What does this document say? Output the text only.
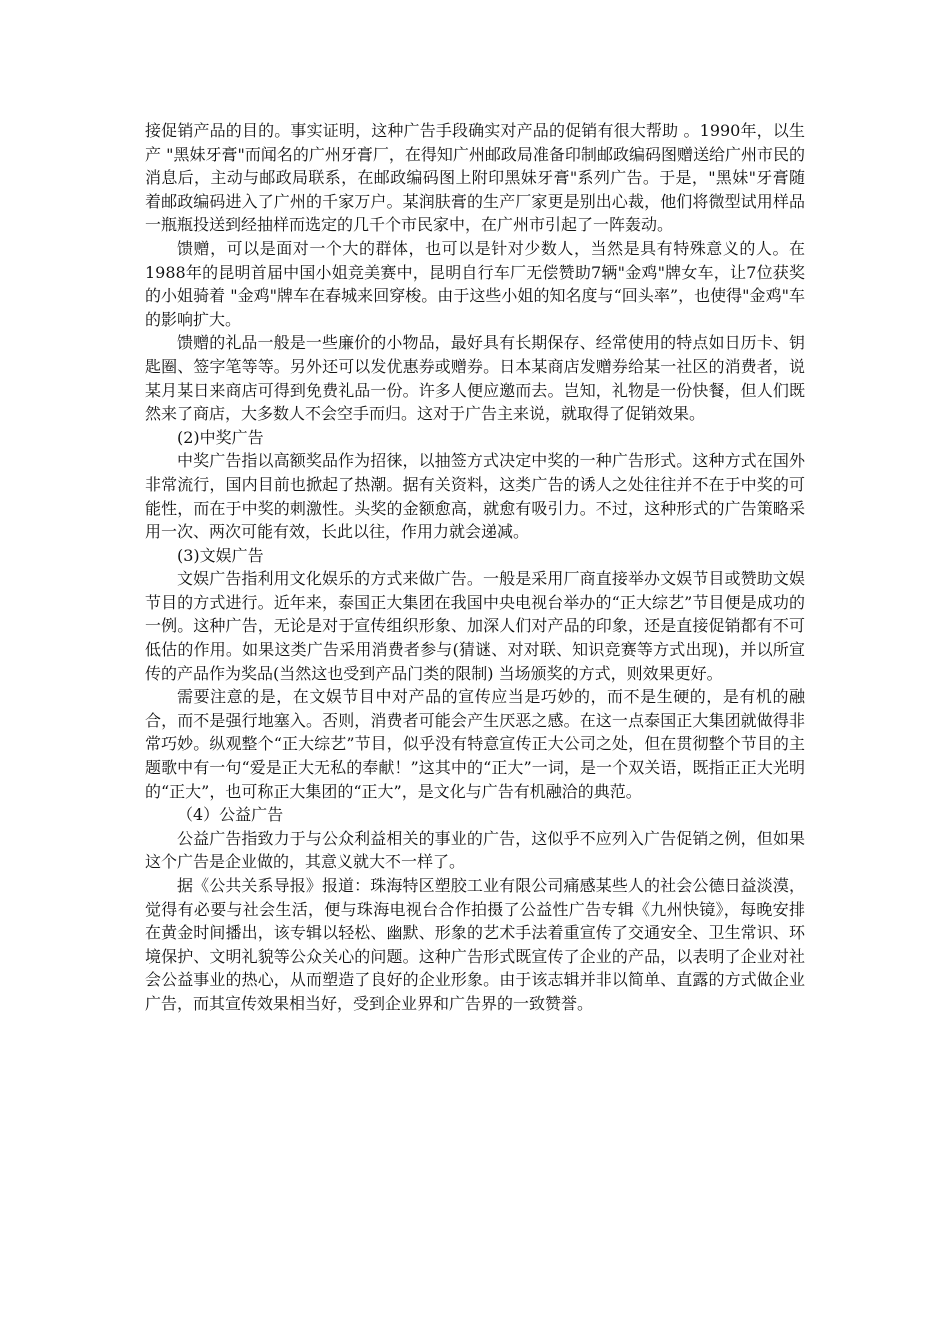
接促销产品的目的。事实证明，这种广告手段确实对产品的促销有很大帮助 。1990年，以生产 "黑妹牙膏"而闻名的广州牙膏厂，在得知广州邮政局准备印制邮政编码图赠送给广州市民的消息后，主动与邮政局联系，在邮政编码图上附印黑妹牙膏"系列广告。于是，"黑妹"牙膏随着邮政编码进入了广州的千家万户。某润肤膏的生产厂家更是别出心裁，他们将微型试用样品一瓶瓶投送到经抽样而选定的几千个市民家中，在广州市引起了一阵轰动。

馈赠，可以是面对一个大的群体，也可以是针对少数人，当然是具有特殊意义的人。在1988年的昆明首届中国小姐竞美赛中，昆明自行车厂无偿赞助7辆"金鸡"牌女车，让7位获奖的小姐骑着 "金鸡"牌车在春城来回穿梭。由于这些小姐的知名度与“回头率”，也使得"金鸡"车的影响扩大。

馈赠的礼品一般是一些廉价的小物品，最好具有长期保存、经常使用的特点如日历卡、钥匙圈、签字笔等等。另外还可以发优惠券或赠券。日本某商店发赠券给某一社区的消费者，说某月某日来商店可得到免费礼品一份。许多人便应邀而去。岂知，礼物是一份快餐，但人们既然来了商店，大多数人不会空手而归。这对于广告主来说，就取得了促销效果。

(2)中奖广告

中奖广告指以高额奖品作为招徕，以抽签方式决定中奖的一种广告形式。这种方式在国外非常流行，国内目前也掀起了热潮。据有关资料，这类广告的诱人之处往往并不在于中奖的可能性，而在于中奖的刺激性。头奖的金额愈高，就愈有吸引力。不过，这种形式的广告策略采用一次、两次可能有效，长此以往，作用力就会递减。

(3)文娱广告

文娱广告指利用文化娱乐的方式来做广告。一般是采用厂商直接举办文娱节目或赞助文娱节目的方式进行。近年来，泰国正大集团在我国中央电视台举办的“正大综艺”节目便是成功的一例。这种广告，无论是对于宣传组织形象、加深人们对产品的印象，还是直接促销都有不可低估的作用。如果这类广告采用消费者参与(猜谜、对对联、知识竞赛等方式出现)，并以所宣传的产品作为奖品(当然这也受到产品门类的限制) 当场颁奖的方式，则效果更好。

需要注意的是，在文娱节目中对产品的宣传应当是巧妙的，而不是生硬的，是有机的融合，而不是强行地塞入。否则，消费者可能会产生厌恶之感。在这一点泰国正大集团就做得非常巧妙。纵观整个“正大综艺”节目，似乎没有特意宣传正大公司之处，但在贯彻整个节目的主题歌中有一句“爱是正大无私的奉献！”这其中的“正大”一词，是一个双关语，既指正正大光明的“正大”，也可称正大集团的“正大”，是文化与广告有机融洽的典范。

（4）公益广告

公益广告指致力于与公众利益相关的事业的广告，这似乎不应列入广告促销之例，但如果这个广告是企业做的，其意义就大不一样了。

据《公共关系导报》报道：珠海特区塑胶工业有限公司痛感某些人的社会公德日益淡漠，觉得有必要与社会生活，便与珠海电视台合作拍摄了公益性广告专辑《九州快镜》，每晚安排在黄金时间播出，该专辑以轻松、幽默、形象的艺术手法着重宣传了交通安全、卫生常识、环境保护、文明礼貌等公众关心的问题。这种广告形式既宣传了企业的产品，以表明了企业对社会公益事业的热心，从而塑造了良好的企业形象。由于该志辑并非以简单、直露的方式做企业广告，而其宣传效果相当好，受到企业界和广告界的一致赞誉。
